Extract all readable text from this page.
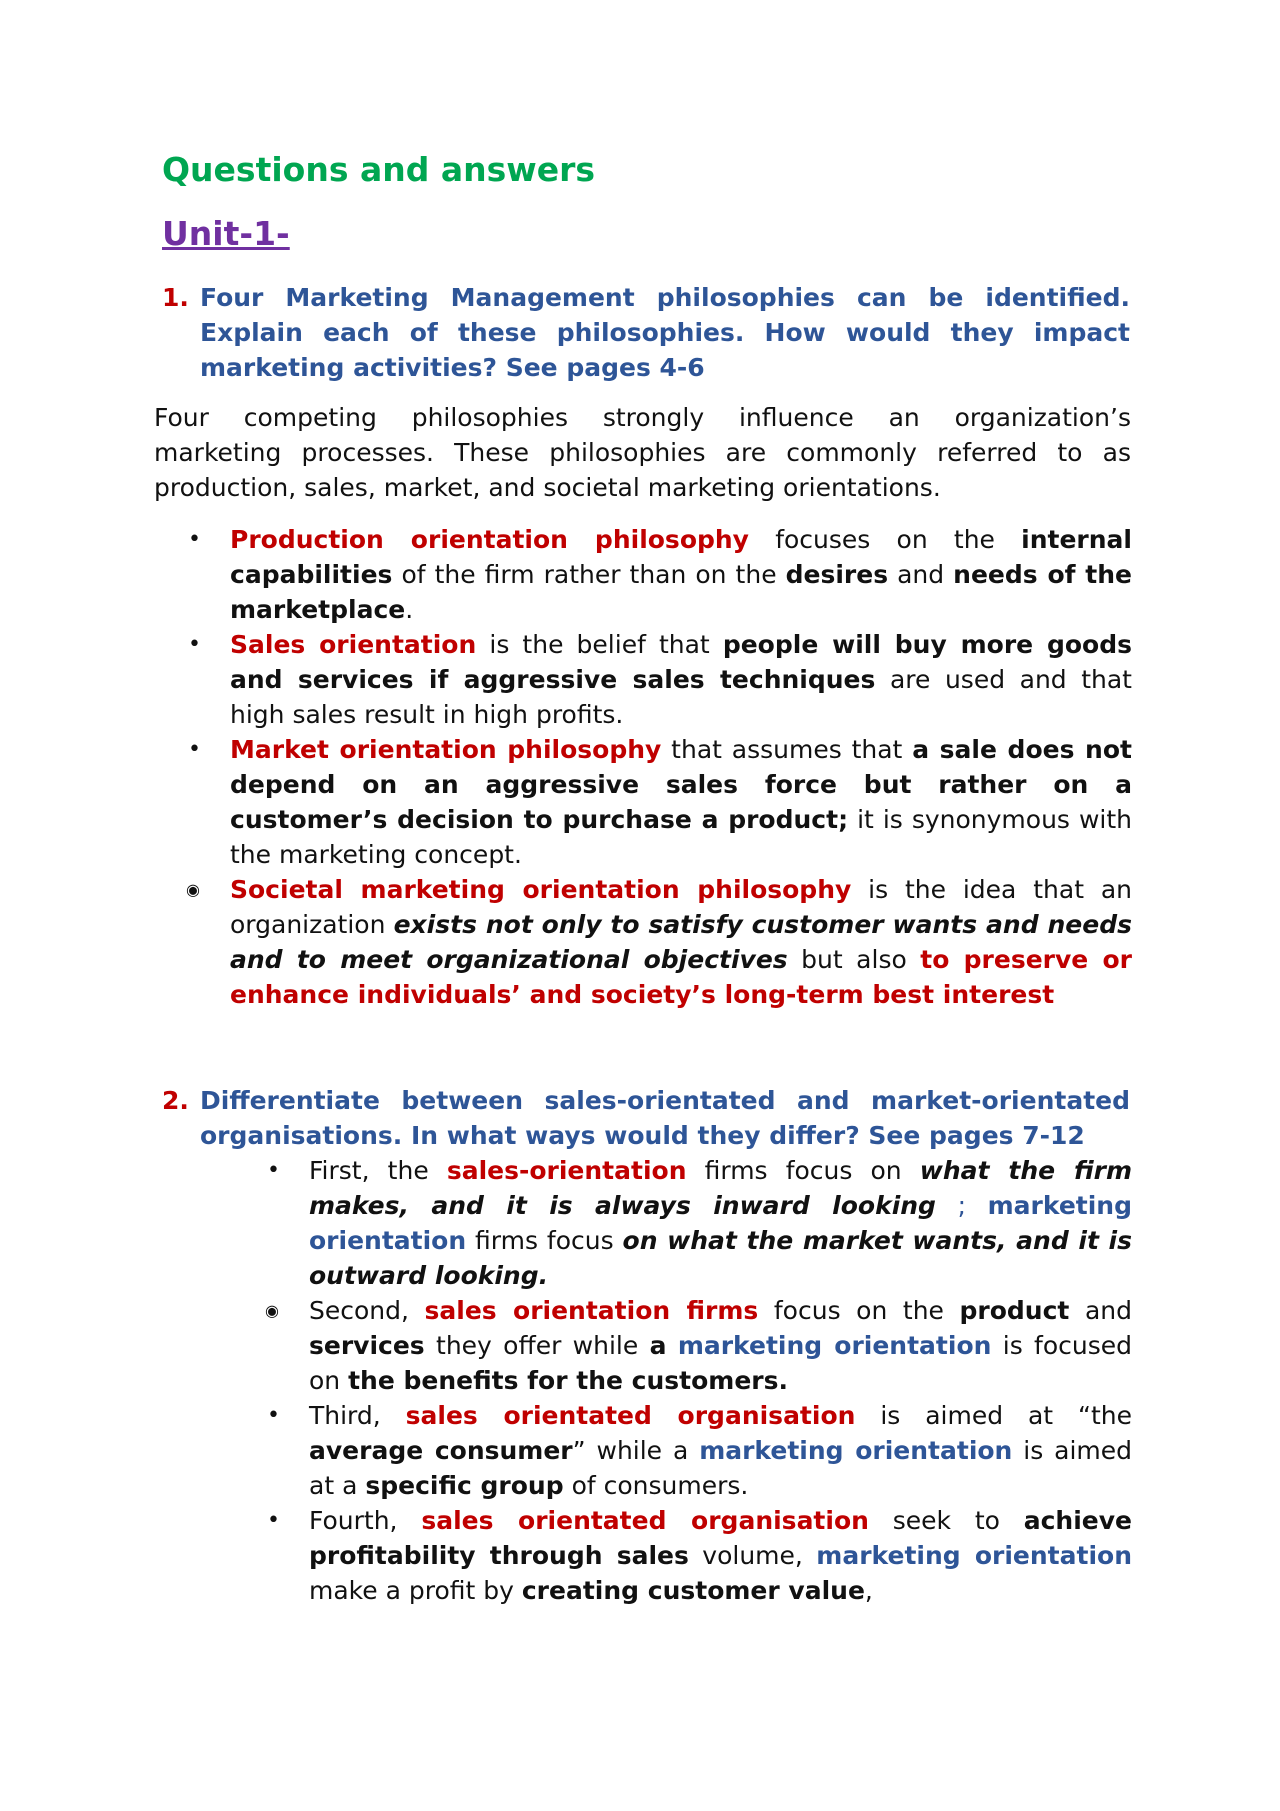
Questions and answers
Unit-1-
1. Four Marketing Management philosophies can be identified. Explain each of these philosophies. How would they impact marketing activities? See pages 4-6
Four competing philosophies strongly influence an organization’s
marketing processes. These philosophies are commonly referred to as
production, sales, market, and societal marketing orientations.
• Production orientation philosophy focuses on the internal capabilities of the firm rather than on the desires and needs of the marketplace.
• Sales orientation is the belief that people will buy more goods and services if aggressive sales techniques are used and that high sales result in high profits.
• Market orientation philosophy that assumes that a sale does not depend on an aggressive sales force but rather on a customer’s decision to purchase a product; it is synonymous with the marketing concept.
◉ Societal marketing orientation philosophy is the idea that an organization exists not only to satisfy customer wants and needs and to meet organizational objectives but also to preserve or enhance individuals’ and society’s long-term best interest
2. Differentiate between sales-orientated and market-orientated organisations. In what ways would they differ? See pages 7-12
• First, the sales-orientation firms focus on what the firm makes, and it is always inward looking ; marketing orientation firms focus on what the market wants, and it is outward looking.
◉ Second, sales orientation firms focus on the product and services they offer while a marketing orientation is focused on the benefits for the customers.
• Third, sales orientated organisation is aimed at “the average consumer” while a marketing orientation is aimed at a specific group of consumers.
• Fourth, sales orientated organisation seek to achieve profitability through sales volume, marketing orientation make a profit by creating customer value,
